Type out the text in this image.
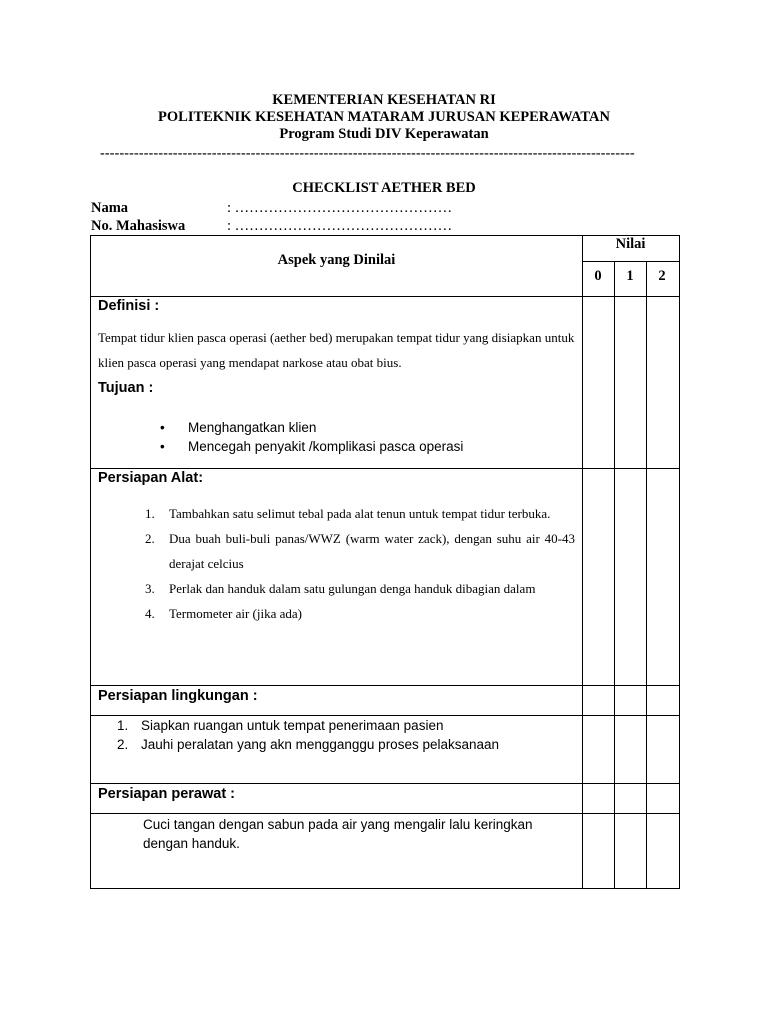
KEMENTERIAN KESEHATAN RI
POLITEKNIK KESEHATAN MATARAM JURUSAN KEPERAWATAN
Program Studi DIV Keperawatan
--------------------------------------------------------------------------------------------------------------
CHECKLIST AETHER BED
Nama	: ………………………………………
No. Mahasiswa	: ………………………………………
Aspek yang Dinilai
Nilai
0	1	2
Definisi :
Tempat tidur klien pasca operasi (aether bed) merupakan tempat tidur yang disiapkan untuk klien pasca operasi yang mendapat narkose atau obat bius.
Tujuan :
• Menghangatkan klien
• Mencegah penyakit /komplikasi pasca operasi
Persiapan Alat:
1. Tambahkan satu selimut tebal pada alat tenun untuk tempat tidur terbuka.
2. Dua buah buli-buli panas/WWZ (warm water zack), dengan suhu air 40-43 derajat celcius
3. Perlak dan handuk dalam satu gulungan denga handuk dibagian dalam
4. Termometer air (jika ada)
Persiapan lingkungan :
1. Siapkan ruangan untuk tempat penerimaan pasien
2. Jauhi peralatan yang akn mengganggu proses pelaksanaan
Persiapan perawat :
Cuci tangan dengan sabun pada air yang mengalir lalu keringkan dengan handuk.
